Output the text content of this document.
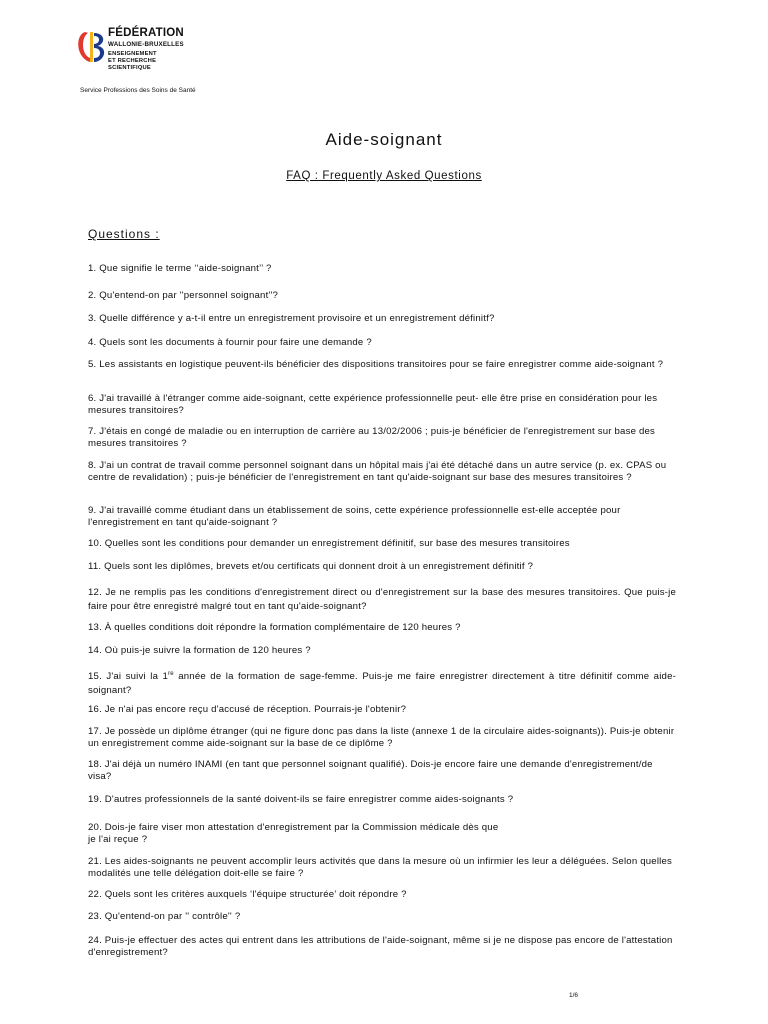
FÉDÉRATION
WALLONIE-BRUXELLES
ENSEIGNEMENT
ET RECHERCHE
SCIENTIFIQUE
Service Professions des Soins de Santé
Aide-soignant
FAQ : Frequently Asked Questions
Questions :
1. Que signifie le terme ‘‘aide-soignant’’ ?
2. Qu'entend-on par ''personnel soignant''?
3. Quelle différence y a-t-il entre un enregistrement provisoire et un enregistrement définitf?
4. Quels sont les documents à fournir pour faire une demande ?
5. Les assistants en logistique peuvent-ils bénéficier des dispositions transitoires pour se faire enregistrer comme aide-soignant ?
6. J'ai travaillé à l'étranger comme aide-soignant, cette expérience professionnelle peut- elle être prise en considération pour les mesures transitoires?
7. J'étais en congé de maladie ou en interruption de carrière au 13/02/2006 ; puis-je bénéficier de l'enregistrement sur base des mesures transitoires ?
8. J'ai un contrat de travail comme personnel soignant dans un hôpital mais j'ai été détaché dans un autre service (p. ex. CPAS ou centre de revalidation) ; puis-je bénéficier de l'enregistrement en tant qu'aide-soignant sur base des mesures transitoires ?
9. J'ai travaillé comme étudiant dans un établissement de soins, cette expérience professionnelle est-elle acceptée pour l'enregistrement en tant qu'aide-soignant ?
10. Quelles sont les conditions pour demander un enregistrement définitif, sur base des mesures transitoires
11. Quels sont les diplômes, brevets et/ou certificats qui donnent droit à un enregistrement définitif ?
12. Je ne remplis pas les conditions d'enregistrement direct ou d'enregistrement sur la base des mesures transitoires. Que puis-je faire pour être enregistré malgré tout en tant qu'aide-soignant?
13. À quelles conditions doit répondre la formation complémentaire de 120 heures ?
14. Où puis-je suivre la formation de 120 heures ?
15. J'ai suivi la 1re année de la formation de sage-femme. Puis-je me faire enregistrer directement à titre définitif comme aide-soignant?
16. Je n'ai pas encore reçu d'accusé de réception. Pourrais-je l'obtenir?
17. Je possède un diplôme étranger (qui ne figure donc pas dans la liste (annexe 1 de la circulaire aides-soignants)). Puis-je obtenir un enregistrement comme aide-soignant sur la base de ce diplôme ?
18. J'ai déjà un numéro INAMI (en tant que personnel soignant qualifié). Dois-je encore faire une demande d'enregistrement/de visa?
19. D'autres professionnels de la santé doivent-ils se faire enregistrer comme aides-soignants ?
20. Dois-je faire viser mon attestation d'enregistrement par la Commission médicale dès que
je l'ai reçue ?
21. Les aides-soignants ne peuvent accomplir leurs activités que dans la mesure où un infirmier les leur a déléguées. Selon quelles modalités une telle délégation doit-elle se faire ?
22. Quels sont les critères auxquels ‘l'équipe structurée’ doit répondre ?
23. Qu'entend-on par '' contrôle'' ?
24. Puis-je effectuer des actes qui entrent dans les attributions de l'aide-soignant, même si je ne dispose pas encore de l'attestation d'enregistrement?
1/6
